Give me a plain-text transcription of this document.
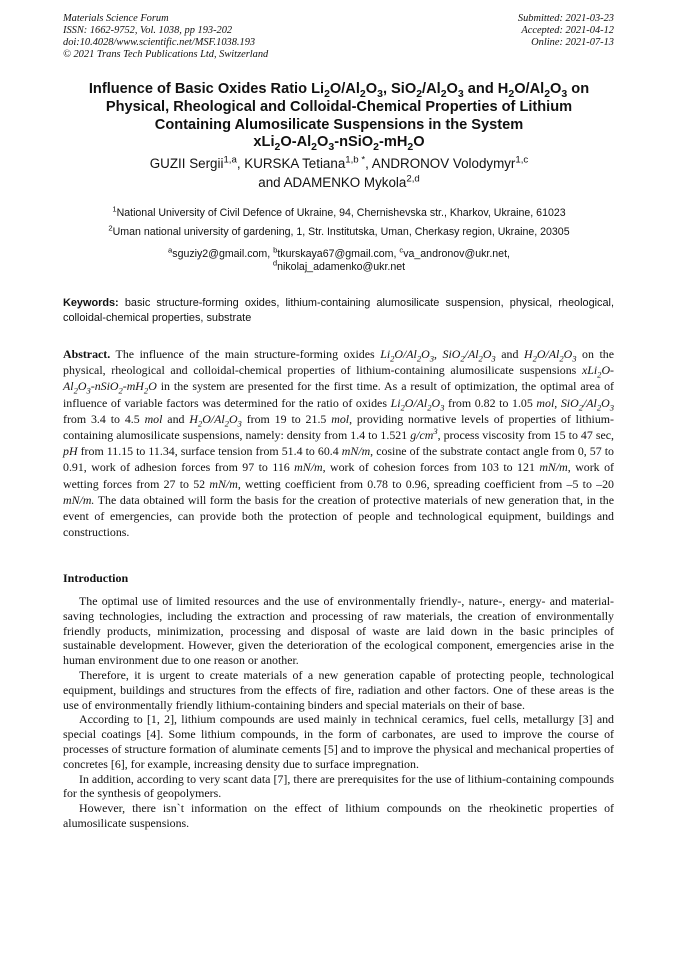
Materials Science Forum
ISSN: 1662-9752, Vol. 1038, pp 193-202
doi:10.4028/www.scientific.net/MSF.1038.193
© 2021 Trans Tech Publications Ltd, Switzerland
Submitted: 2021-03-23
Accepted: 2021-04-12
Online: 2021-07-13
Influence of Basic Oxides Ratio $Li_2O/Al_2O_3$, $SiO_2/Al_2O_3$ and $H_2O/Al_2O_3$ on
Physical, Rheological and Colloidal-Chemical Properties of Lithium
Containing Alumosilicate Suspensions in the System
$xLi_2O-Al_2O_3-nSiO_2-mH_2O$
GUZII Sergii$^{1,a}$, KURSKA Tetiana$^{1,b *}$, ANDRONOV Volodymyr$^{1,c}$
and ADAMENKO Mykola$^{2,d}$
$^1$National University of Civil Defence of Ukraine, 94, Chernishevska str., Kharkov, Ukraine, 61023
$^2$Uman national university of gardening, 1, Str. Institutska, Uman, Cherkasy region, Ukraine, 20305
$^a$sguziy2@gmail.com, $^b$tkurskaya67@gmail.com, $^c$va_andronov@ukr.net,
$^d$nikolaj_adamenko@ukr.net
Keywords: basic structure-forming oxides, lithium-containing alumosilicate suspension, physical, rheological, colloidal-chemical properties, substrate
Abstract. The influence of the main structure-forming oxides $Li_2O/Al_2O_3$, $SiO_2/Al_2O_3$ and $H_2O/Al_2O_3$ on the physical, rheological and colloidal-chemical properties of lithium-containing alumosilicate suspensions $xLi_2O-Al_2O_3-nSiO_2-mH_2O$ in the system are presented for the first time. As a result of optimization, the optimal area of influence of variable factors was determined for the ratio of oxides $Li_2O/Al_2O_3$ from 0.82 to 1.05 mol, $SiO_2/Al_2O_3$ from 3.4 to 4.5 mol and $H_2O/Al_2O_3$ from 19 to 21.5 mol, providing normative levels of properties of lithium-containing alumosilicate suspensions, namely: density from 1.4 to 1.521 $g/cm^3$, process viscosity from 15 to 47 sec, pH from 11.15 to 11.34, surface tension from 51.4 to 60.4 mN/m, cosine of the substrate contact angle from 0, 57 to 0.91, work of adhesion forces from 97 to 116 mN/m, work of cohesion forces from 103 to 121 mN/m, work of wetting forces from 27 to 52 mN/m, wetting coefficient from 0.78 to 0.96, spreading coefficient from –5 to –20 mN/m. The data obtained will form the basis for the creation of protective materials of new generation that, in the event of emergencies, can provide both the protection of people and technological equipment, buildings and constructions.
Introduction

The optimal use of limited resources and the use of environmentally friendly-, nature-, energy- and material-saving technologies, including the extraction and processing of raw materials, the creation of environmentally friendly products, minimization, processing and disposal of waste are laid down in the basic principles of sustainable development. However, given the deterioration of the ecological component, emergencies arise in the human environment due to one reason or another.

Therefore, it is urgent to create materials of a new generation capable of protecting people, technological equipment, buildings and structures from the effects of fire, radiation and other factors. One of these areas is the use of environmentally friendly lithium-containing binders and special materials on their of base.

According to [1, 2], lithium compounds are used mainly in technical ceramics, fuel cells, metallurgy [3] and special coatings [4]. Some lithium compounds, in the form of carbonates, are used to improve the course of processes of structure formation of aluminate cements [5] and to improve the physical and mechanical properties of concretes [6], for example, increasing density due to surface impregnation.

In addition, according to very scant data [7], there are prerequisites for the use of lithium-containing compounds for the synthesis of geopolymers.

However, there isn`t information on the effect of lithium compounds on the rheokinetic properties of alumosilicate suspensions.
